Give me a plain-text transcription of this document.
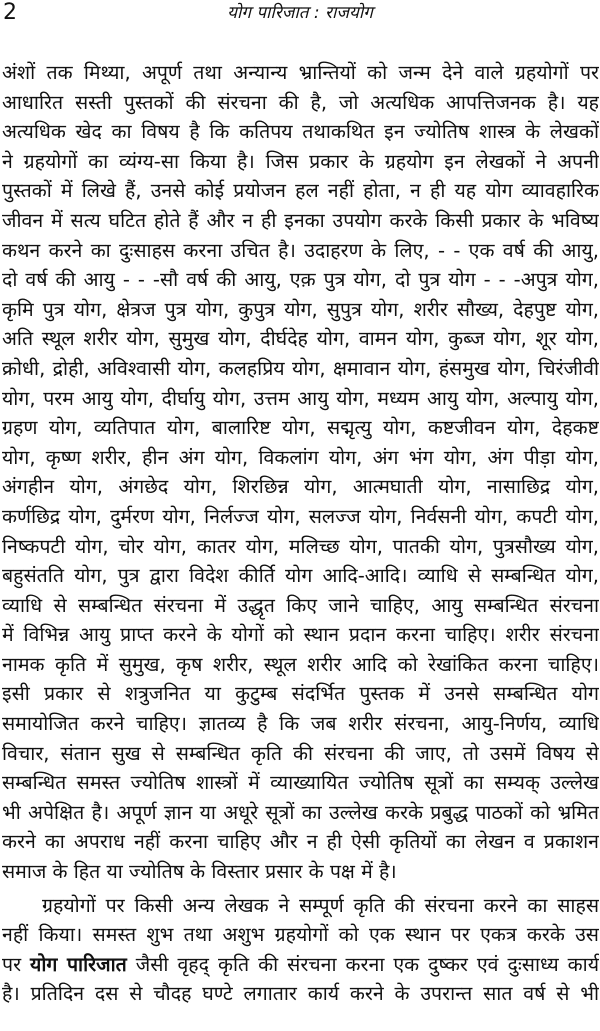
2	योग पारिजात : राजयोग
अंशों तक मिथ्या, अपूर्ण तथा अन्यान्य भ्रान्तियों को जन्म देने वाले ग्रहयोगों पर
आधारित सस्ती पुस्तकों की संरचना की है, जो अत्यधिक आपत्तिजनक है। यह
अत्यधिक खेद का विषय है कि कतिपय तथाकथित इन ज्योतिष शास्त्र के लेखकों
ने ग्रहयोगों का व्यंग्य-सा किया है। जिस प्रकार के ग्रहयोग इन लेखकों ने अपनी
पुस्तकों में लिखे हैं, उनसे कोई प्रयोजन हल नहीं होता, न ही यह योग व्यावहारिक
जीवन में सत्य घटित होते हैं और न ही इनका उपयोग करके किसी प्रकार के भविष्य
कथन करने का दुःसाहस करना उचित है। उदाहरण के लिए, - - एक वर्ष की आयु,
दो वर्ष की आयु - - -सौ वर्ष की आयु, एक़ पुत्र योग, दो पुत्र योग - - -अपुत्र योग,
कृमि पुत्र योग, क्षेत्रज पुत्र योग, कुपुत्र योग, सुपुत्र योग, शरीर सौख्य, देहपुष्ट योग,
अति स्थूल शरीर योग, सुमुख योग, दीर्घदेह योग, वामन योग, कुब्ज योग, शूर योग,
क्रोधी, द्रोही, अविश्वासी योग, कलहप्रिय योग, क्षमावान योग, हंसमुख योग, चिरंजीवी
योग, परम आयु योग, दीर्घायु योग, उत्तम आयु योग, मध्यम आयु योग, अल्पायु योग,
ग्रहण योग, व्यतिपात योग, बालारिष्ट योग, सद्मृत्यु योग, कष्टजीवन योग, देहकष्ट
योग, कृष्ण शरीर, हीन अंग योग, विकलांग योग, अंग भंग योग, अंग पीड़ा योग,
अंगहीन योग, अंगछेद योग, शिरछिन्न योग, आत्मघाती योग, नासाछिद्र योग,
कर्णछिद्र योग, दुर्मरण योग, निर्लज्ज योग, सलज्ज योग, निर्वसनी योग, कपटी योग,
निष्कपटी योग, चोर योग, कातर योग, मलिच्छ योग, पातकी योग, पुत्रसौख्य योग,
बहुसंतति योग, पुत्र द्वारा विदेश कीर्ति योग आदि-आदि। व्याधि से सम्बन्धित योग,
व्याधि से सम्बन्धित संरचना में उद्धृत किए जाने चाहिए, आयु सम्बन्धित संरचना
में विभिन्न आयु प्राप्त करने के योगों को स्थान प्रदान करना चाहिए। शरीर संरचना
नामक कृति में सुमुख, कृष शरीर, स्थूल शरीर आदि को रेखांकित करना चाहिए।
इसी प्रकार से शत्रुजनित या कुटुम्ब संदर्भित पुस्तक में उनसे सम्बन्धित योग
समायोजित करने चाहिए। ज्ञातव्य है कि जब शरीर संरचना, आयु-निर्णय, व्याधि
विचार, संतान सुख से सम्बन्धित कृति की संरचना की जाए, तो उसमें विषय से
सम्बन्धित समस्त ज्योतिष शास्त्रों में व्याख्यायित ज्योतिष सूत्रों का सम्यक् उल्लेख
भी अपेक्षित है। अपूर्ण ज्ञान या अधूरे सूत्रों का उल्लेख करके प्रबुद्ध पाठकों को भ्रमित
करने का अपराध नहीं करना चाहिए और न ही ऐसी कृतियों का लेखन व प्रकाशन
समाज के हित या ज्योतिष के विस्तार प्रसार के पक्ष में है।
ग्रहयोगों पर किसी अन्य लेखक ने सम्पूर्ण कृति की संरचना करने का साहस
नहीं किया। समस्त शुभ तथा अशुभ ग्रहयोगों को एक स्थान पर एकत्र करके उस
पर योग पारिजात जैसी वृहद् कृति की संरचना करना एक दुष्कर एवं दुःसाध्य कार्य
है। प्रतिदिन दस से चौदह घण्टे लगातार कार्य करने के उपरान्त सात वर्ष से भी
